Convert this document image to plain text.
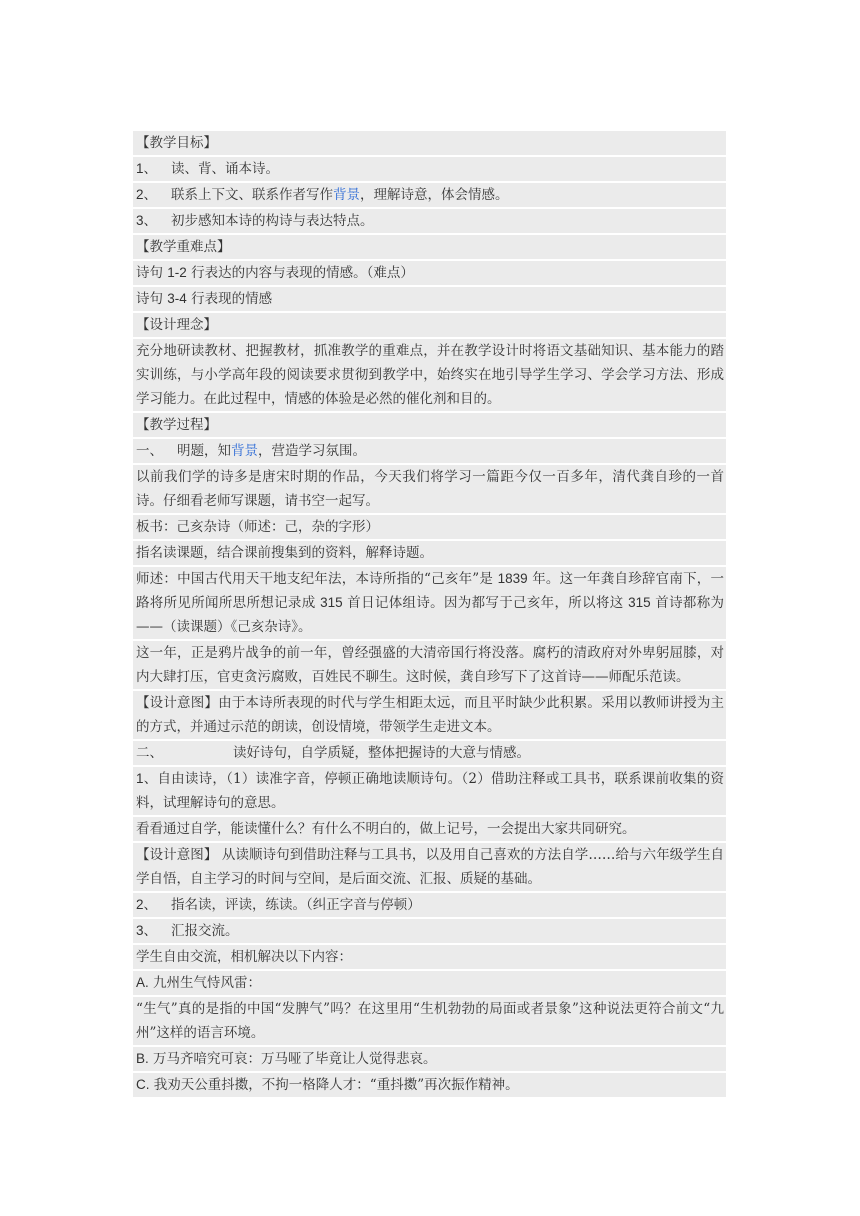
【教学目标】
1、 读、背、诵本诗。
2、 联系上下文、联系作者写作背景，理解诗意，体会情感。
3、 初步感知本诗的构诗与表达特点。
【教学重难点】
诗句 1-2 行表达的内容与表现的情感。（难点）
诗句 3-4 行表现的情感
【设计理念】
充分地研读教材、把握教材，抓准教学的重难点，并在教学设计时将语文基础知识、基本能力的踏实训练，与小学高年段的阅读要求贯彻到教学中，始终实在地引导学生学习、学会学习方法、形成学习能力。在此过程中，情感的体验是必然的催化剂和目的。
【教学过程】
一、 明题，知背景，营造学习氛围。
以前我们学的诗多是唐宋时期的作品，今天我们将学习一篇距今仅一百多年，清代龚自珍的一首诗。仔细看老师写课题，请书空一起写。
板书：己亥杂诗（师述：己，杂的字形）
指名读课题，结合课前搜集到的资料，解释诗题。
师述：中国古代用天干地支纪年法，本诗所指的“己亥年”是 1839 年。这一年龚自珍辞官南下，一路将所见所闻所思所想记录成 315 首日记体组诗。因为都写于己亥年，所以将这 315 首诗都称为——（读课题）《己亥杂诗》。
这一年，正是鸦片战争的前一年，曾经强盛的大清帝国行将没落。腐朽的清政府对外卑躬屈膝，对内大肆打压，官吏贪污腐败，百姓民不聊生。这时候，龚自珍写下了这首诗——师配乐范读。
【设计意图】由于本诗所表现的时代与学生相距太远，而且平时缺少此积累。采用以教师讲授为主的方式，并通过示范的朗读，创设情境，带领学生走进文本。
二、	读好诗句，自学质疑，整体把握诗的大意与情感。
1、自由读诗，（1）读准字音，停顿正确地读顺诗句。（2）借助注释或工具书，联系课前收集的资料，试理解诗句的意思。
看看通过自学，能读懂什么？有什么不明白的，做上记号，一会提出大家共同研究。
【设计意图】 从读顺诗句到借助注释与工具书，以及用自己喜欢的方法自学……给与六年级学生自学自悟，自主学习的时间与空间，是后面交流、汇报、质疑的基础。
2、 指名读，评读，练读。（纠正字音与停顿）
3、 汇报交流。
学生自由交流，相机解决以下内容：
A. 九州生气恃风雷：
“生气”真的是指的中国“发脾气”吗？在这里用“生机勃勃的局面或者景象”这种说法更符合前文“九州”这样的语言环境。
B. 万马齐喑究可哀：万马哑了毕竟让人觉得悲哀。
C. 我劝天公重抖擞，不拘一格降人才：“重抖擞”再次振作精神。
